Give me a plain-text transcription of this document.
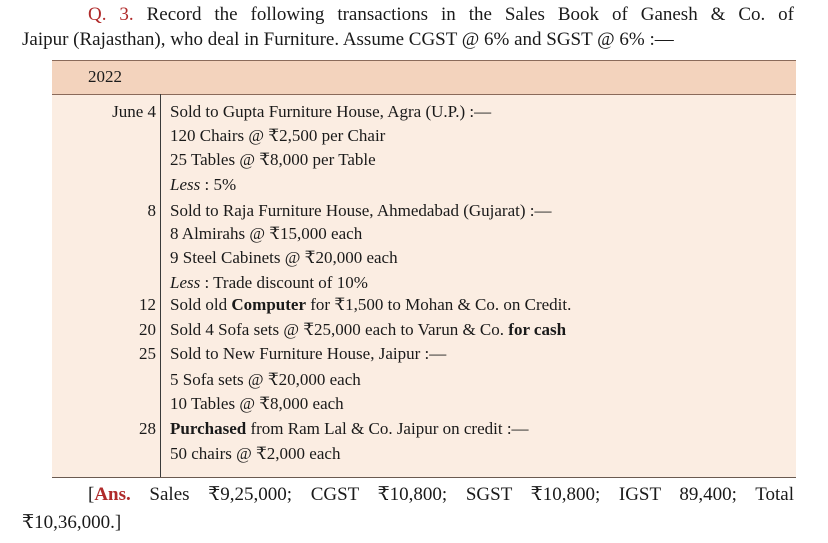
Q. 3. Record the following transactions in the Sales Book of Ganesh & Co. of
Jaipur (Rajasthan), who deal in Furniture. Assume CGST @ 6% and SGST @ 6% :—
2022
June 4 Sold to Gupta Furniture House, Agra (U.P.) :—
120 Chairs @ ₹2,500 per Chair
25 Tables @ ₹8,000 per Table
Less : 5%
8 Sold to Raja Furniture House, Ahmedabad (Gujarat) :—
8 Almirahs @ ₹15,000 each
9 Steel Cabinets @ ₹20,000 each
Less : Trade discount of 10%
12 Sold old Computer for ₹1,500 to Mohan & Co. on Credit.
20 Sold 4 Sofa sets @ ₹25,000 each to Varun & Co. for cash
25 Sold to New Furniture House, Jaipur :—
5 Sofa sets @ ₹20,000 each
10 Tables @ ₹8,000 each
28 Purchased from Ram Lal & Co. Jaipur on credit :—
50 chairs @ ₹2,000 each
[Ans. Sales ₹9,25,000; CGST ₹10,800; SGST ₹10,800; IGST 89,400; Total
₹10,36,000.]
